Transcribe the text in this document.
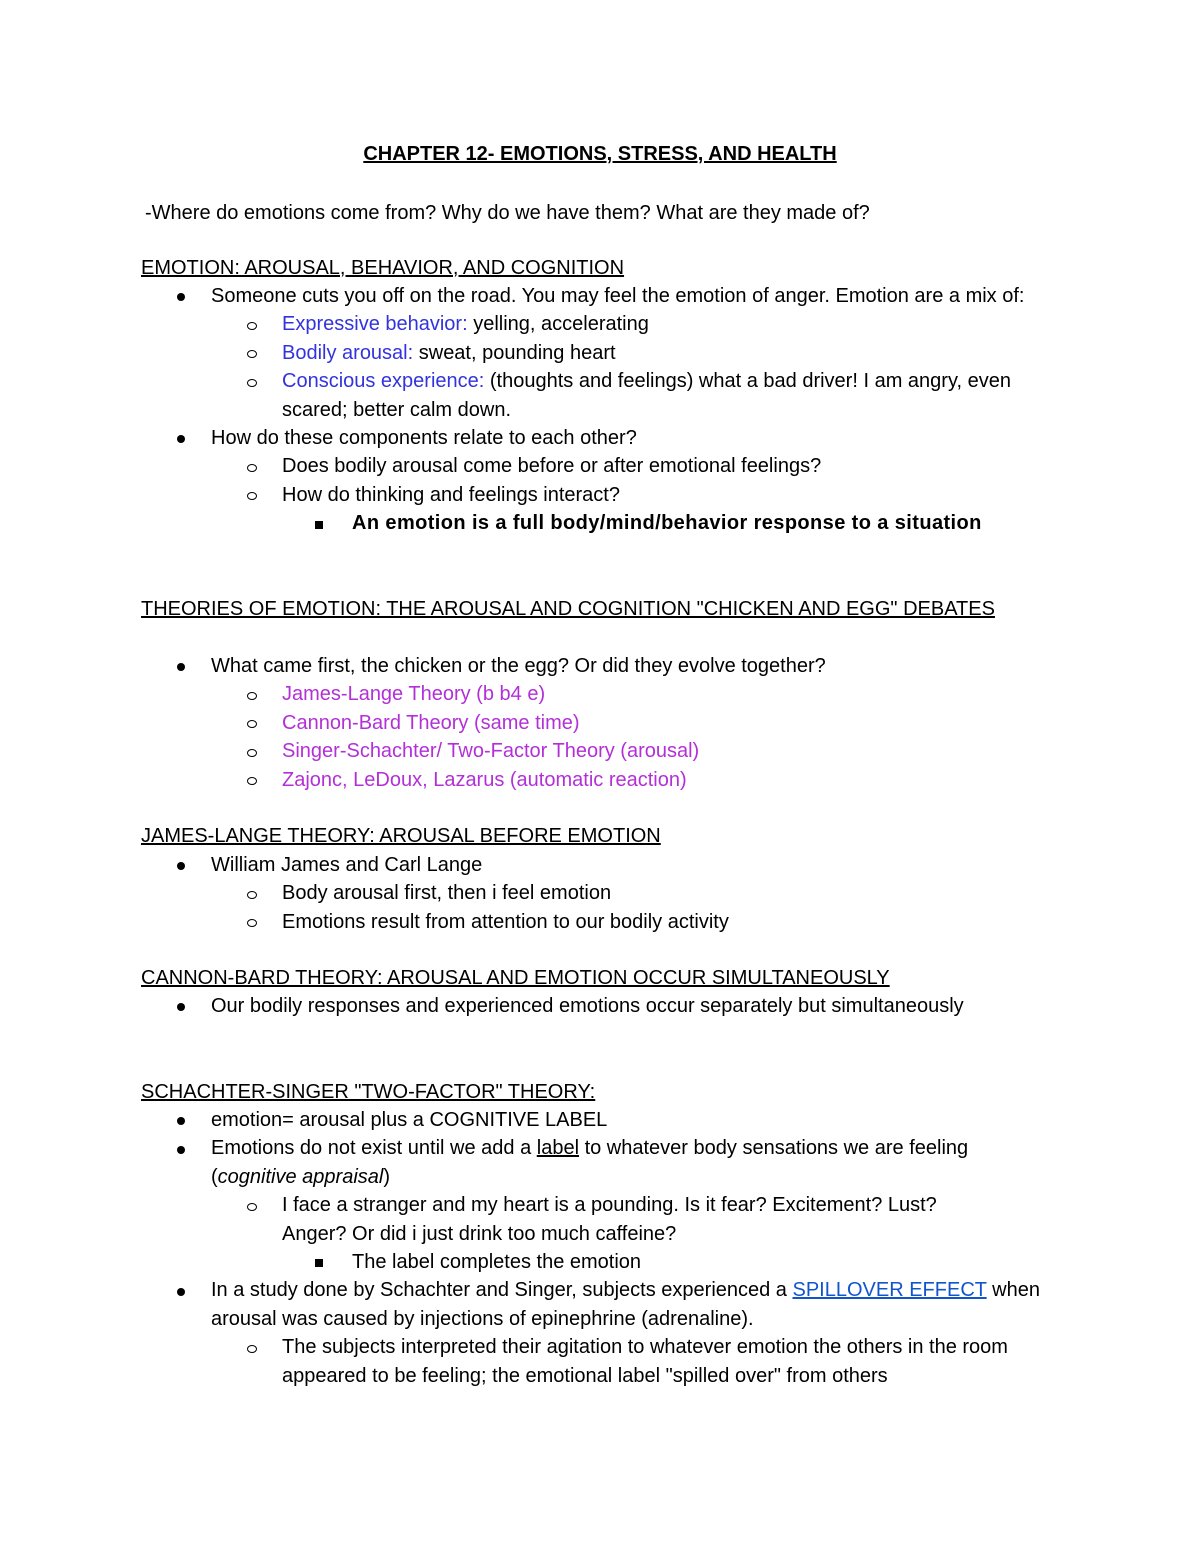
CHAPTER 12- EMOTIONS, STRESS, AND HEALTH
-Where do emotions come from? Why do we have them? What are they made of?

EMOTION: AROUSAL, BEHAVIOR, AND COGNITION

Someone cuts you off on the road. You may feel the emotion of anger. Emotion are a mix of:
Expressive behavior: yelling, accelerating
Bodily arousal: sweat, pounding heart
Conscious experience: (thoughts and feelings) what a bad driver! I am angry, even scared; better calm down.
How do these components relate to each other?
Does bodily arousal come before or after emotional feelings?
How do thinking and feelings interact?
An emotion is a full body/mind/behavior response to a situation

THEORIES OF EMOTION: THE AROUSAL AND COGNITION "CHICKEN AND EGG" DEBATES

What came first, the chicken or the egg? Or did they evolve together?
James-Lange Theory (b b4 e)
Cannon-Bard Theory (same time)
Singer-Schachter/ Two-Factor Theory (arousal)
Zajonc, LeDoux, Lazarus (automatic reaction)

JAMES-LANGE THEORY: AROUSAL BEFORE EMOTION

William James and Carl Lange
Body arousal first, then i feel emotion
Emotions result from attention to our bodily activity

CANNON-BARD THEORY: AROUSAL AND EMOTION OCCUR SIMULTANEOUSLY

Our bodily responses and experienced emotions occur separately but simultaneously

SCHACHTER-SINGER "TWO-FACTOR" THEORY:

emotion= arousal plus a COGNITIVE LABEL
Emotions do not exist until we add a label to whatever body sensations we are feeling (cognitive appraisal)
I face a stranger and my heart is a pounding. Is it fear? Excitement? Lust? Anger? Or did i just drink too much caffeine?
The label completes the emotion
In a study done by Schachter and Singer, subjects experienced a SPILLOVER EFFECT when arousal was caused by injections of epinephrine (adrenaline).
The subjects interpreted their agitation to whatever emotion the others in the room appeared to be feeling; the emotional label "spilled over" from others
